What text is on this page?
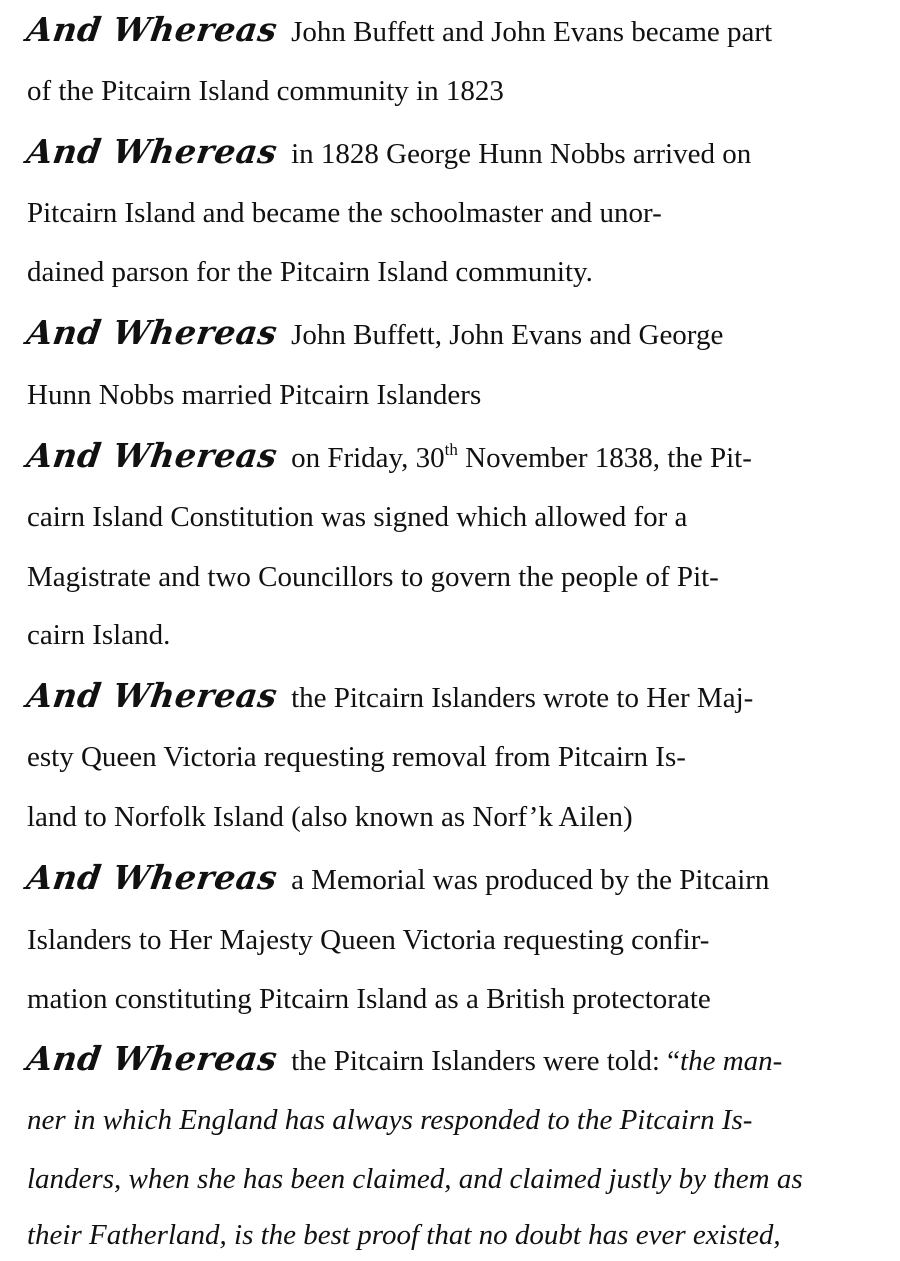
And Whereas John Buffett and John Evans became part
of the Pitcairn Island community in 1823
And Whereas in 1828 George Hunn Nobbs arrived on
Pitcairn Island and became the schoolmaster and unor-
dained parson for the Pitcairn Island community.
And Whereas John Buffett, John Evans and George
Hunn Nobbs married Pitcairn Islanders
And Whereas on Friday, 30th November 1838, the Pit-
cairn Island Constitution was signed which allowed for a
Magistrate and two Councillors to govern the people of Pit-
cairn Island.
And Whereas the Pitcairn Islanders wrote to Her Maj-
esty Queen Victoria requesting removal from Pitcairn Is-
land to Norfolk Island (also known as Norf’k Ailen)
And Whereas a Memorial was produced by the Pitcairn
Islanders to Her Majesty Queen Victoria requesting confir-
mation constituting Pitcairn Island as a British protectorate
And Whereas the Pitcairn Islanders were told: “the man-
ner in which England has always responded to the Pitcairn Is-
landers, when she has been claimed, and claimed justly by them as
their Fatherland, is the best proof that no doubt has ever existed,
